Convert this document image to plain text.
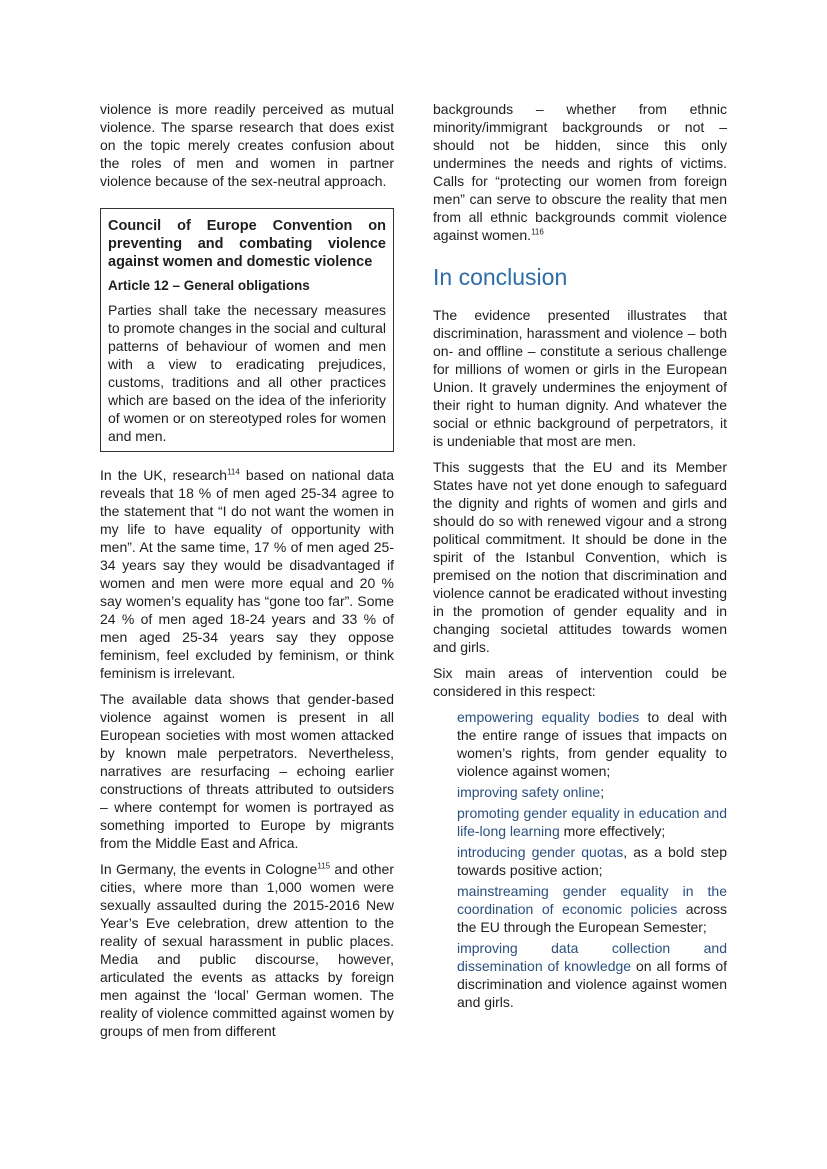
violence is more readily perceived as mutual violence. The sparse research that does exist on the topic merely creates confusion about the roles of men and women in partner violence because of the sex-neutral approach.

Council of Europe Convention on preventing and combating violence against women and domestic violence
Article 12 – General obligations

Parties shall take the necessary measures to promote changes in the social and cultural patterns of behaviour of women and men with a view to eradicating prejudices, customs, traditions and all other practices which are based on the idea of the inferiority of women or on stereotyped roles for women and men.

In the UK, research$^{114}$ based on national data reveals that 18 % of men aged 25-34 agree to the statement that “I do not want the women in my life to have equality of opportunity with men”. At the same time, 17 % of men aged 25-34 years say they would be disadvantaged if women and men were more equal and 20 % say women’s equality has “gone too far”. Some 24 % of men aged 18-24 years and 33 % of men aged 25-34 years say they oppose feminism, feel excluded by feminism, or think feminism is irrelevant.

The available data shows that gender-based violence against women is present in all European societies with most women attacked by known male perpetrators. Nevertheless, narratives are resurfacing – echoing earlier constructions of threats attributed to outsiders – where contempt for women is portrayed as something imported to Europe by migrants from the Middle East and Africa.

In Germany, the events in Cologne$^{115}$ and other cities, where more than 1,000 women were sexually assaulted during the 2015-2016 New Year’s Eve celebration, drew attention to the reality of sexual harassment in public places. Media and public discourse, however, articulated the events as attacks by foreign men against the ‘local’ German women. The reality of violence committed against women by groups of men from different

backgrounds – whether from ethnic minority/immigrant backgrounds or not – should not be hidden, since this only undermines the needs and rights of victims. Calls for “protecting our women from foreign men” can serve to obscure the reality that men from all ethnic backgrounds commit violence against women.$^{116}$

In conclusion

The evidence presented illustrates that discrimination, harassment and violence – both on- and offline – constitute a serious challenge for millions of women or girls in the European Union. It gravely undermines the enjoyment of their right to human dignity. And whatever the social or ethnic background of perpetrators, it is undeniable that most are men.

This suggests that the EU and its Member States have not yet done enough to safeguard the dignity and rights of women and girls and should do so with renewed vigour and a strong political commitment. It should be done in the spirit of the Istanbul Convention, which is premised on the notion that discrimination and violence cannot be eradicated without investing in the promotion of gender equality and in changing societal attitudes towards women and girls.

Six main areas of intervention could be considered in this respect:

empowering equality bodies to deal with the entire range of issues that impacts on women’s rights, from gender equality to violence against women;
improving safety online;
promoting gender equality in education and life-long learning more effectively;
introducing gender quotas, as a bold step towards positive action;
mainstreaming gender equality in the coordination of economic policies across the EU through the European Semester;
improving data collection and dissemination of knowledge on all forms of discrimination and violence against women and girls.
